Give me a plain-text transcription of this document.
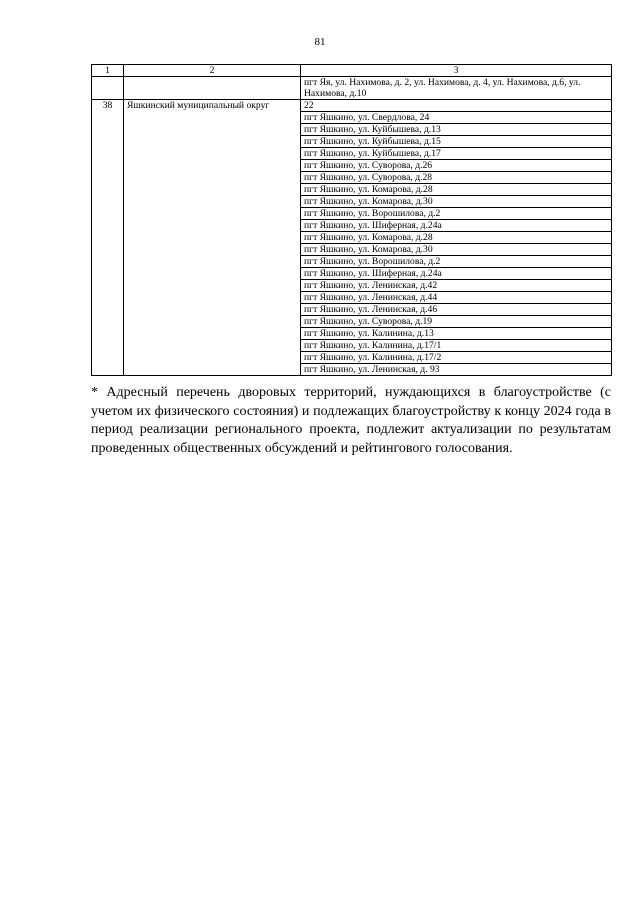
81
1	2	3
		пгт Яя, ул. Нахимова, д. 2, ул. Нахимова, д. 4, ул. Нахимова, д.6, ул. Нахимова, д.10
38	Яшкинский муниципальный округ	22
		пгт Яшкино, ул. Свердлова, 24
		пгт Яшкино, ул. Куйбышева, д.13
		пгт Яшкино, ул. Куйбышева, д.15
		пгт Яшкино, ул. Куйбышева, д.17
		пгт Яшкино, ул. Суворова, д.26
		пгт Яшкино, ул. Суворова, д.28
		пгт Яшкино, ул. Комарова, д.28
		пгт Яшкино, ул. Комарова, д.30
		пгт Яшкино, ул. Ворошилова, д.2
		пгт Яшкино, ул. Шиферная, д.24а
		пгт Яшкино, ул. Комарова, д.28
		пгт Яшкино, ул. Комарова, д.30
		пгт Яшкино, ул. Ворошилова, д.2
		пгт Яшкино, ул. Шиферная, д.24а
		пгт Яшкино, ул. Ленинская, д.42
		пгт Яшкино, ул. Ленинская, д.44
		пгт Яшкино, ул. Ленинская, д.46
		пгт Яшкино, ул. Суворова, д.19
		пгт Яшкино, ул. Калинина, д.13
		пгт Яшкино, ул. Калинина, д.17/1
		пгт Яшкино, ул. Калинина, д.17/2
		пгт Яшкино, ул. Ленинская, д. 93
* Адресный перечень дворовых территорий, нуждающихся в благоустройстве (с учетом их физического состояния) и подлежащих благоустройству к концу 2024 года в период реализации регионального проекта, подлежит актуализации по результатам проведенных общественных обсуждений и рейтингового голосования.
